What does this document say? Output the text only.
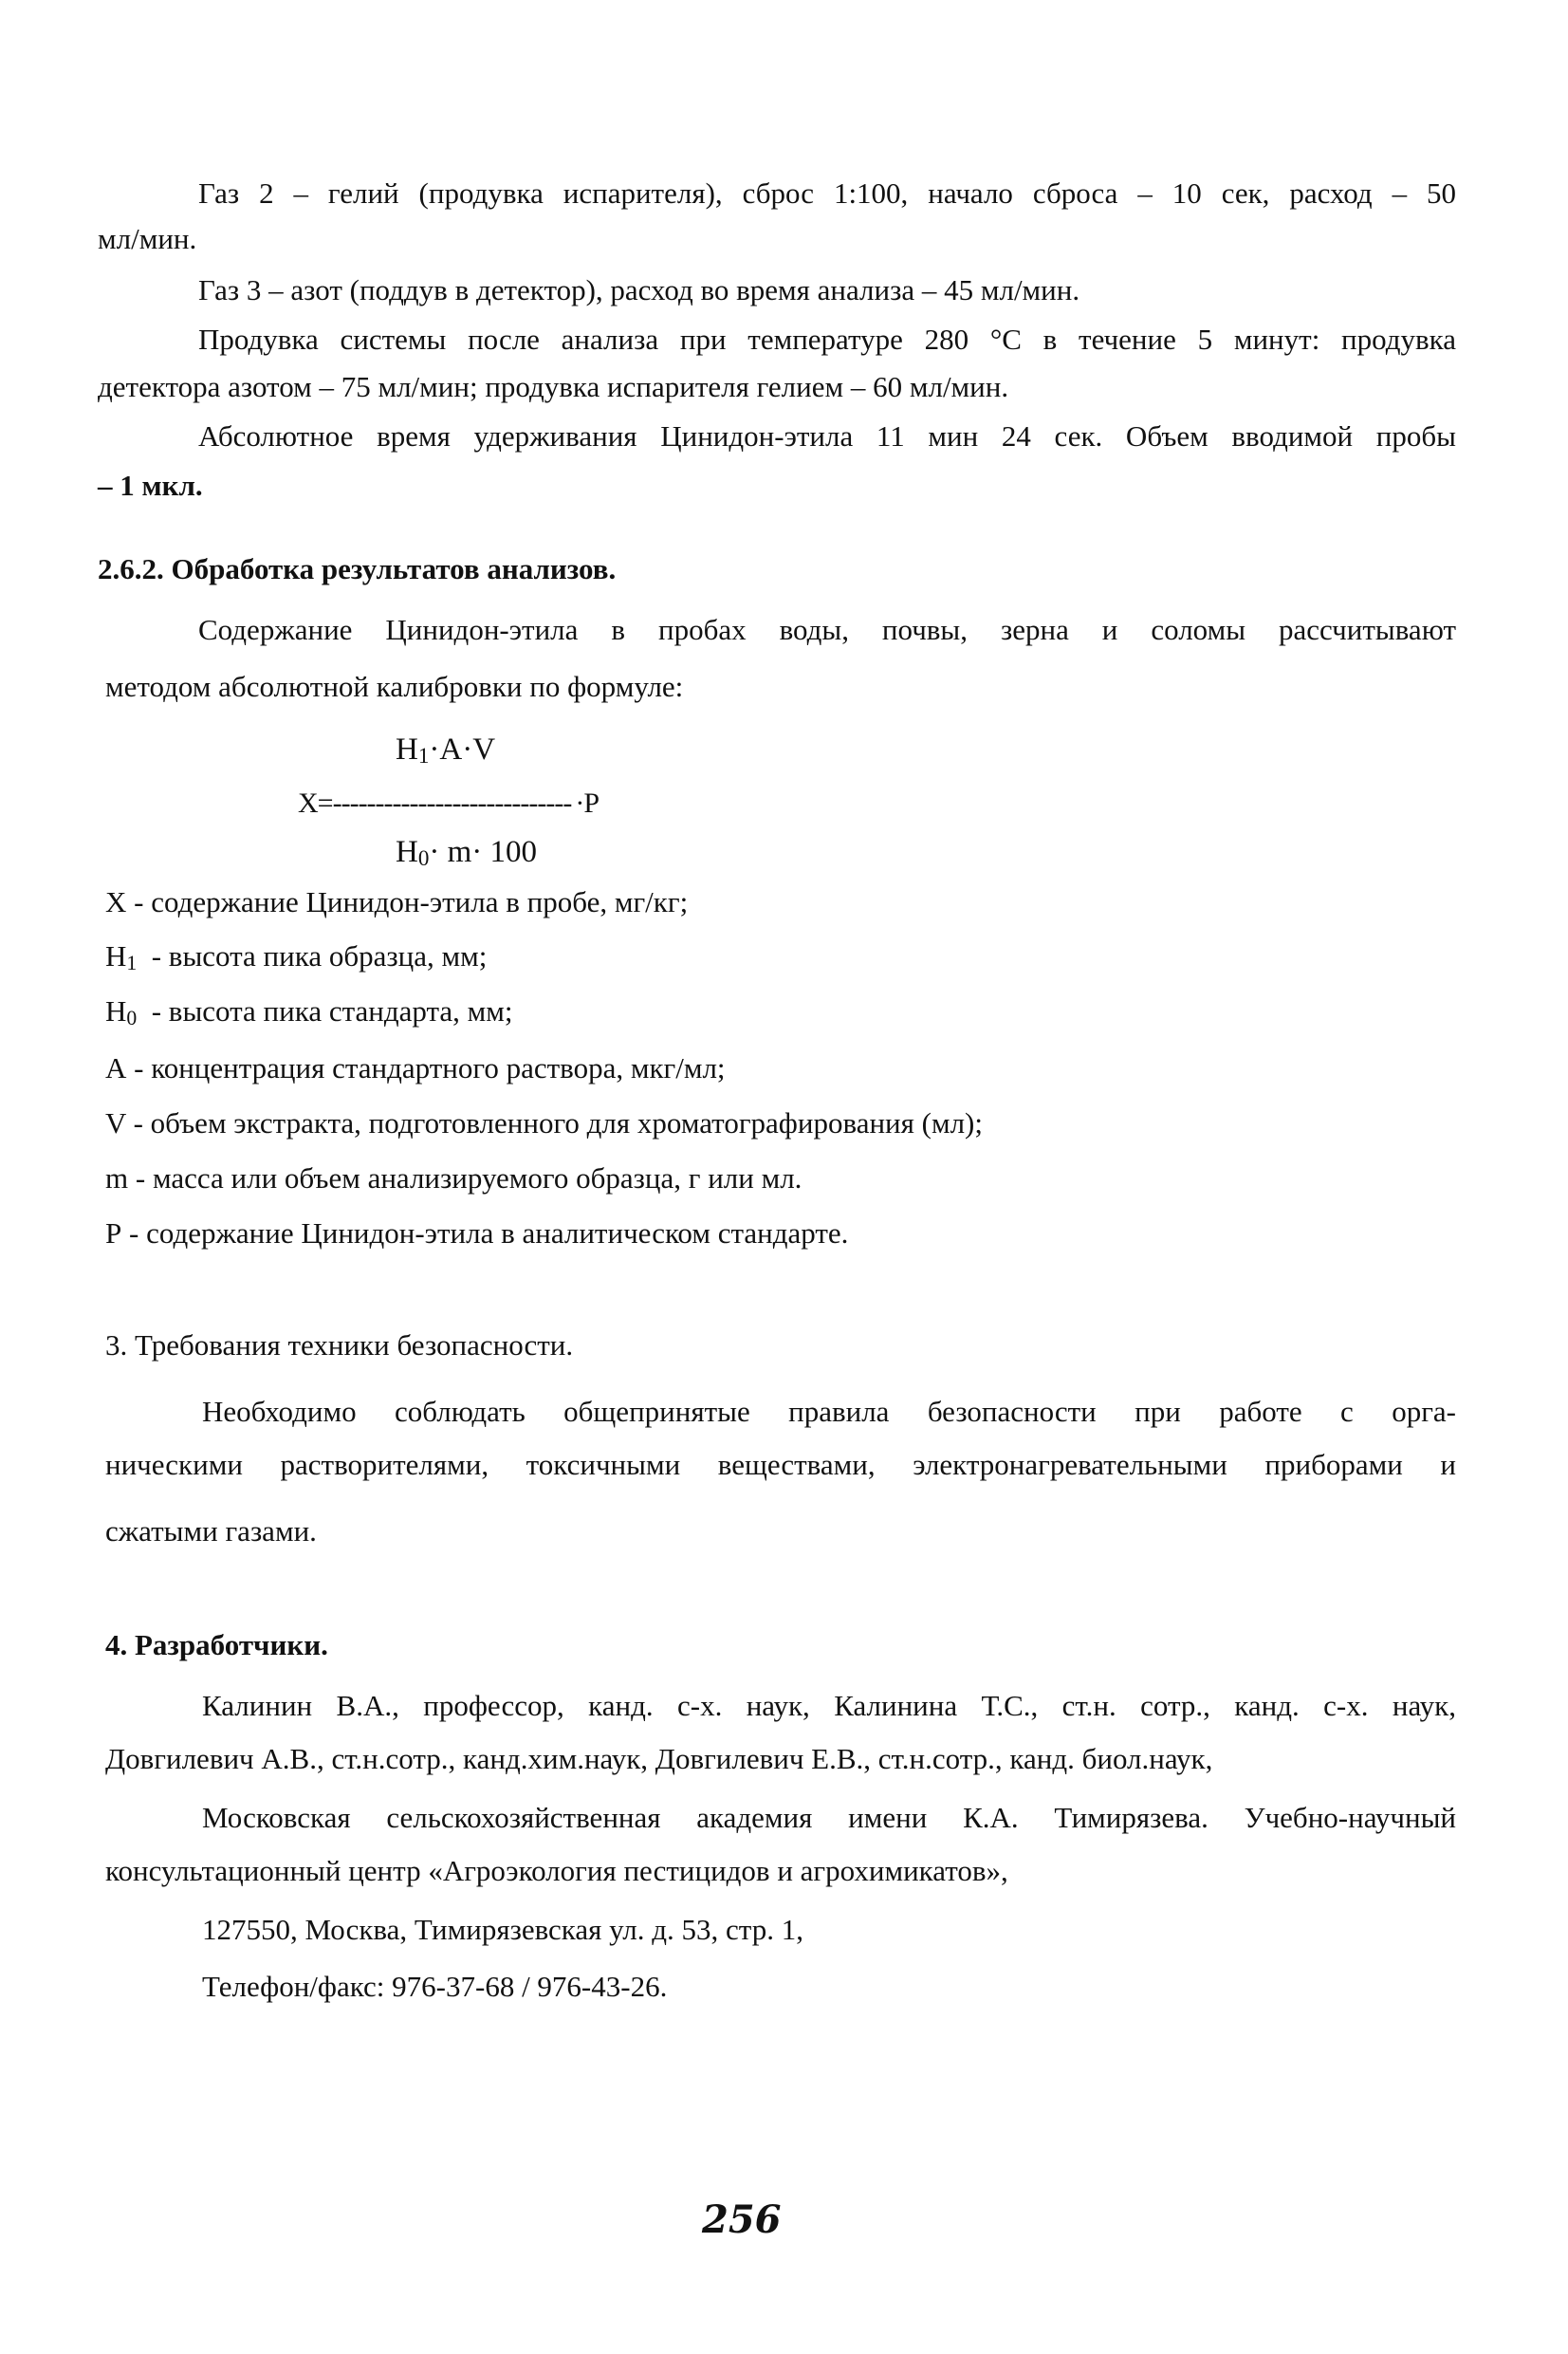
Газ 2 – гелий (продувка испарителя), сброс 1:100, начало сброса – 10 сек, расход – 50
мл/мин.
Газ 3 – азот (поддув в детектор), расход во время анализа – 45 мл/мин.
Продувка системы после анализа при температуре 280 °С в течение 5 минут: продувка
детектора азотом – 75 мл/мин; продувка испарителя гелием – 60 мл/мин.
Абсолютное время удерживания Цинидон-этила 11 мин 24 сек. Объем вводимой пробы
– 1 мкл.
2.6.2. Обработка результатов анализов.
Содержание Цинидон-этила в пробах воды, почвы, зерна и соломы рассчитывают
методом абсолютной калибровки по формуле:
$H_1\cdot A\cdot V$
X=---------------------------- ·P
$H_0\cdot m\cdot 100$
X - содержание Цинидон-этила в пробе, мг/кг;
$H_1$  - высота пика образца, мм;
$H_0$  - высота пика стандарта, мм;
А - концентрация стандартного раствора, мкг/мл;
V - объем экстракта, подготовленного для хроматографирования (мл);
m - масса или объем анализируемого образца, г или мл.
Р - содержание Цинидон-этила в аналитическом стандарте.
3. Требования техники безопасности.
Необходимо соблюдать общепринятые правила безопасности при работе с орга-
ническими растворителями, токсичными веществами, электронагревательными приборами и
сжатыми газами.
4. Разработчики.
Калинин В.А., профессор, канд. с-х. наук, Калинина Т.С., ст.н. сотр., канд. с-х. наук,
Довгилевич А.В., ст.н.сотр., канд.хим.наук, Довгилевич Е.В., ст.н.сотр., канд. биол.наук,
Московская сельскохозяйственная академия имени К.А. Тимирязева. Учебно-научный
консультационный центр «Агроэкология пестицидов и агрохимикатов»,
127550, Москва, Тимирязевская ул. д. 53, стр. 1,
Телефон/факс: 976-37-68 / 976-43-26.
256
